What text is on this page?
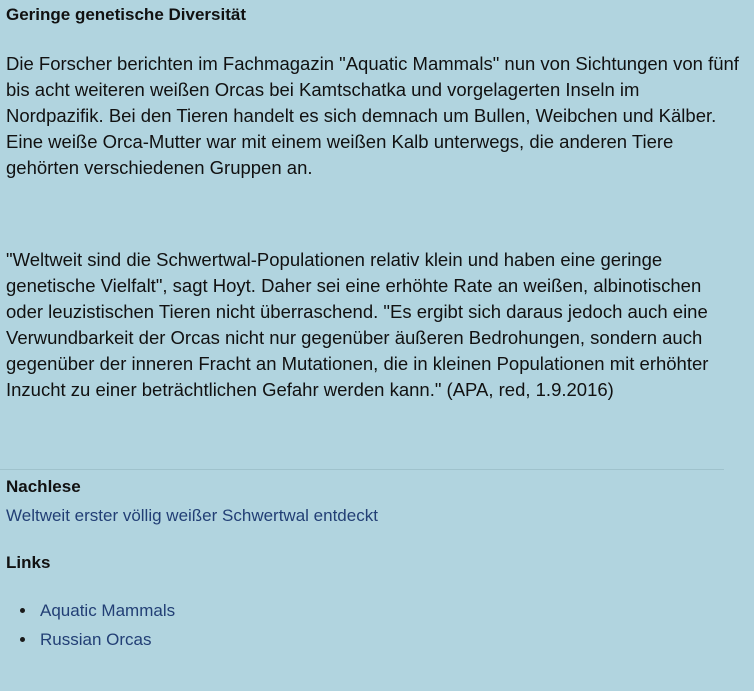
Geringe genetische Diversität

Die Forscher berichten im Fachmagazin "Aquatic Mammals" nun von Sichtungen von fünf bis acht weiteren weißen Orcas bei Kamtschatka und vorgelagerten Inseln im Nordpazifik. Bei den Tieren handelt es sich demnach um Bullen, Weibchen und Kälber. Eine weiße Orca-Mutter war mit einem weißen Kalb unterwegs, die anderen Tiere gehörten verschiedenen Gruppen an.

"Weltweit sind die Schwertwal-Populationen relativ klein und haben eine geringe genetische Vielfalt", sagt Hoyt. Daher sei eine erhöhte Rate an weißen, albinotischen oder leuzistischen Tieren nicht überraschend. "Es ergibt sich daraus jedoch auch eine Verwundbarkeit der Orcas nicht nur gegenüber äußeren Bedrohungen, sondern auch gegenüber der inneren Fracht an Mutationen, die in kleinen Populationen mit erhöhter Inzucht zu einer beträchtlichen Gefahr werden kann." (APA, red, 1.9.2016)

Nachlese
Weltweit erster völlig weißer Schwertwal entdeckt
Links
Aquatic Mammals
Russian Orcas
